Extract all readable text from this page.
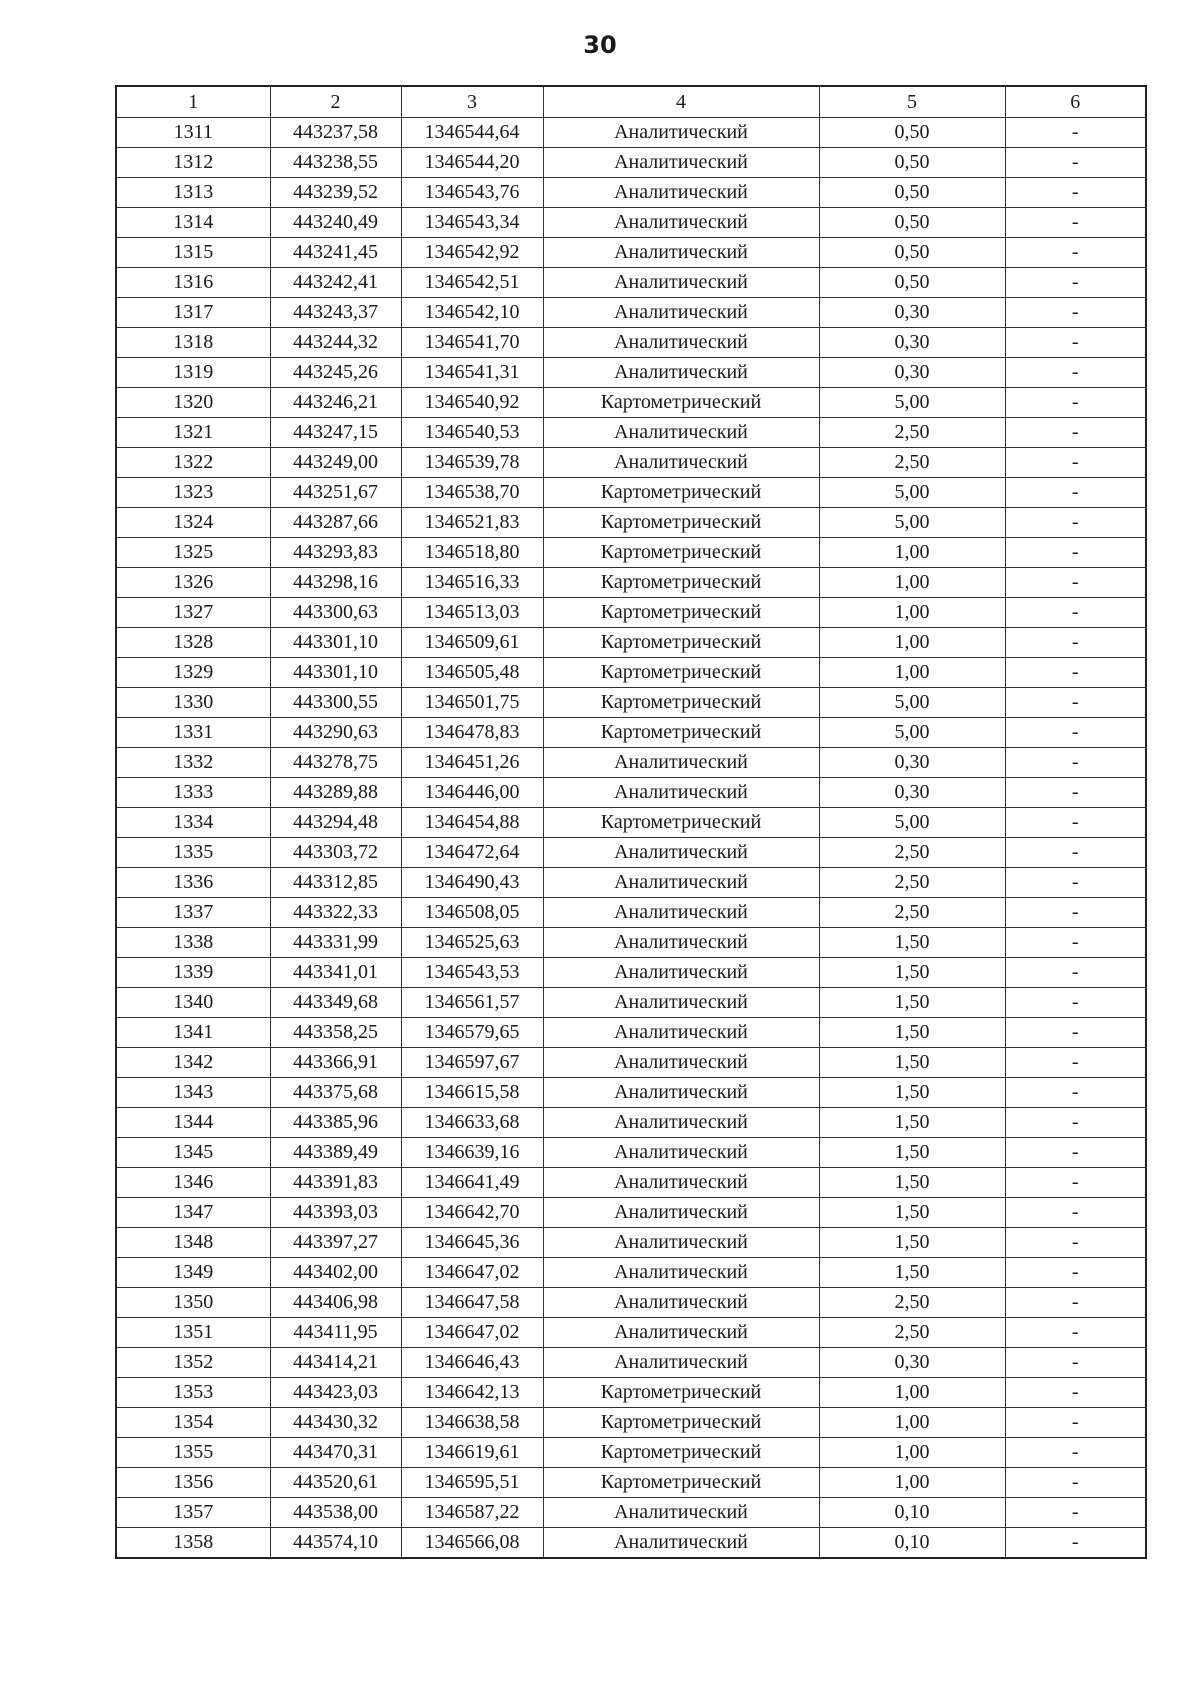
30
1	2	3	4	5	6
1311	443237,58	1346544,64	Аналитический	0,50	-
1312	443238,55	1346544,20	Аналитический	0,50	-
1313	443239,52	1346543,76	Аналитический	0,50	-
1314	443240,49	1346543,34	Аналитический	0,50	-
1315	443241,45	1346542,92	Аналитический	0,50	-
1316	443242,41	1346542,51	Аналитический	0,50	-
1317	443243,37	1346542,10	Аналитический	0,30	-
1318	443244,32	1346541,70	Аналитический	0,30	-
1319	443245,26	1346541,31	Аналитический	0,30	-
1320	443246,21	1346540,92	Картометрический	5,00	-
1321	443247,15	1346540,53	Аналитический	2,50	-
1322	443249,00	1346539,78	Аналитический	2,50	-
1323	443251,67	1346538,70	Картометрический	5,00	-
1324	443287,66	1346521,83	Картометрический	5,00	-
1325	443293,83	1346518,80	Картометрический	1,00	-
1326	443298,16	1346516,33	Картометрический	1,00	-
1327	443300,63	1346513,03	Картометрический	1,00	-
1328	443301,10	1346509,61	Картометрический	1,00	-
1329	443301,10	1346505,48	Картометрический	1,00	-
1330	443300,55	1346501,75	Картометрический	5,00	-
1331	443290,63	1346478,83	Картометрический	5,00	-
1332	443278,75	1346451,26	Аналитический	0,30	-
1333	443289,88	1346446,00	Аналитический	0,30	-
1334	443294,48	1346454,88	Картометрический	5,00	-
1335	443303,72	1346472,64	Аналитический	2,50	-
1336	443312,85	1346490,43	Аналитический	2,50	-
1337	443322,33	1346508,05	Аналитический	2,50	-
1338	443331,99	1346525,63	Аналитический	1,50	-
1339	443341,01	1346543,53	Аналитический	1,50	-
1340	443349,68	1346561,57	Аналитический	1,50	-
1341	443358,25	1346579,65	Аналитический	1,50	-
1342	443366,91	1346597,67	Аналитический	1,50	-
1343	443375,68	1346615,58	Аналитический	1,50	-
1344	443385,96	1346633,68	Аналитический	1,50	-
1345	443389,49	1346639,16	Аналитический	1,50	-
1346	443391,83	1346641,49	Аналитический	1,50	-
1347	443393,03	1346642,70	Аналитический	1,50	-
1348	443397,27	1346645,36	Аналитический	1,50	-
1349	443402,00	1346647,02	Аналитический	1,50	-
1350	443406,98	1346647,58	Аналитический	2,50	-
1351	443411,95	1346647,02	Аналитический	2,50	-
1352	443414,21	1346646,43	Аналитический	0,30	-
1353	443423,03	1346642,13	Картометрический	1,00	-
1354	443430,32	1346638,58	Картометрический	1,00	-
1355	443470,31	1346619,61	Картометрический	1,00	-
1356	443520,61	1346595,51	Картометрический	1,00	-
1357	443538,00	1346587,22	Аналитический	0,10	-
1358	443574,10	1346566,08	Аналитический	0,10	-
